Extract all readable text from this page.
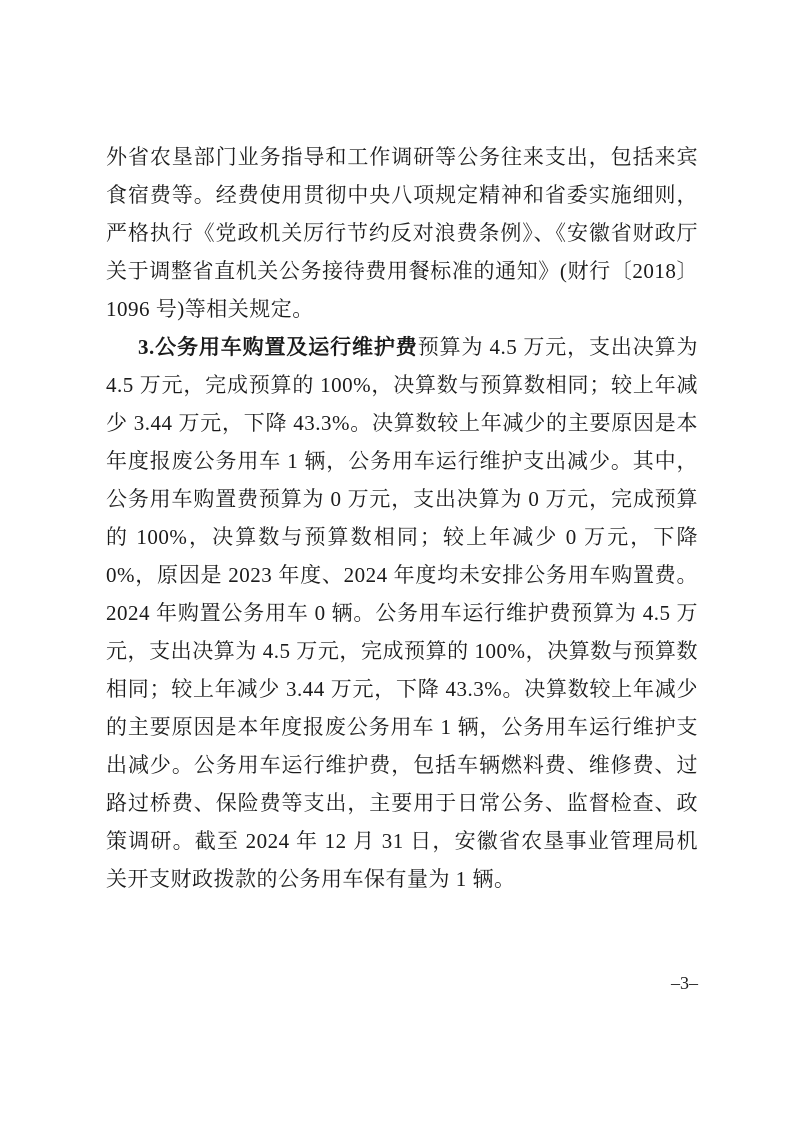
外省农垦部门业务指导和工作调研等公务往来支出，包括来宾食宿费等。经费使用贯彻中央八项规定精神和省委实施细则，严格执行《党政机关厉行节约反对浪费条例》、《安徽省财政厅关于调整省直机关公务接待费用餐标准的通知》(财行〔2018〕1096 号)等相关规定。

3.公务用车购置及运行维护费预算为 4.5 万元，支出决算为 4.5 万元，完成预算的 100%，决算数与预算数相同；较上年减少 3.44 万元，下降 43.3%。决算数较上年减少的主要原因是本年度报废公务用车 1 辆，公务用车运行维护支出减少。其中，公务用车购置费预算为 0 万元，支出决算为 0 万元，完成预算的 100%，决算数与预算数相同；较上年减少 0 万元，下降 0%，原因是 2023 年度、2024 年度均未安排公务用车购置费。2024 年购置公务用车 0 辆。公务用车运行维护费预算为 4.5 万元，支出决算为 4.5 万元，完成预算的 100%，决算数与预算数相同；较上年减少 3.44 万元，下降 43.3%。决算数较上年减少的主要原因是本年度报废公务用车 1 辆，公务用车运行维护支出减少。公务用车运行维护费，包括车辆燃料费、维修费、过路过桥费、保险费等支出，主要用于日常公务、监督检查、政策调研。截至 2024 年 12 月 31 日，安徽省农垦事业管理局机关开支财政拨款的公务用车保有量为 1 辆。

–3–
